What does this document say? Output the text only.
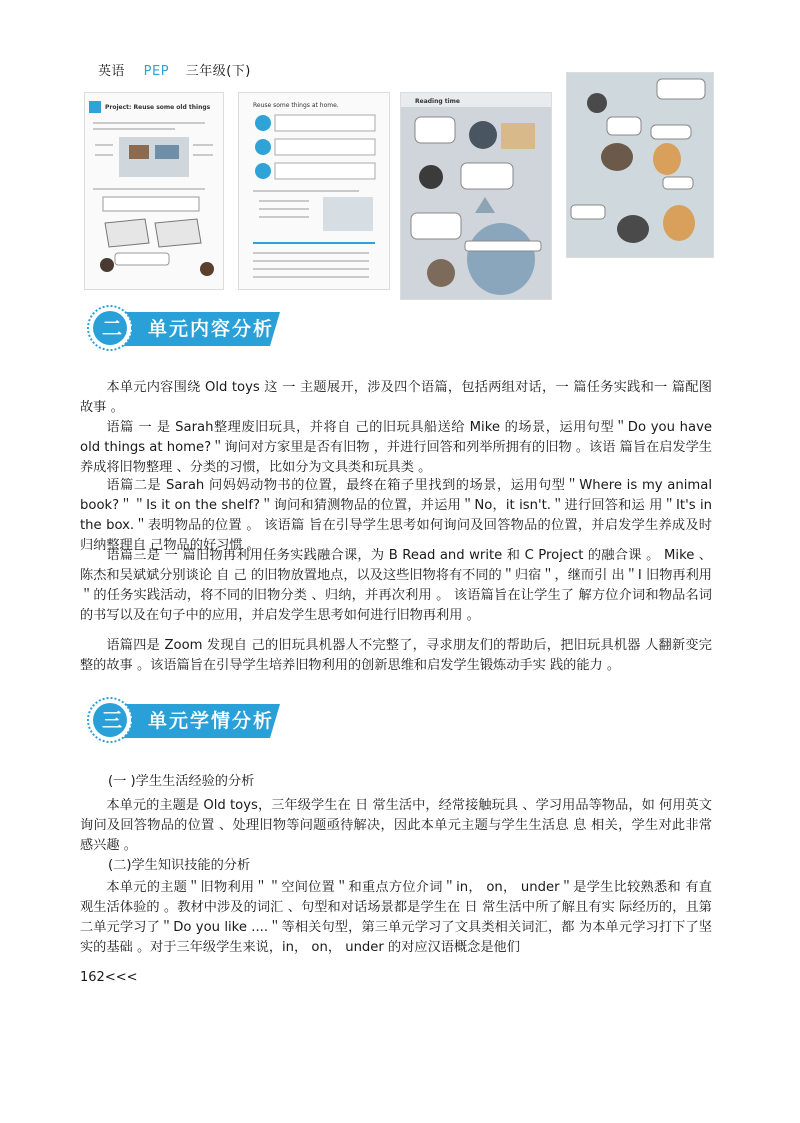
英语 PEP 三年级(下)
Project: Reuse some old things	Reuse some things at home.
Reading time
二	单元内容分析

本单元内容围绕 Old toys 这 一 主题展开，涉及四个语篇，包括两组对话，一 篇任务实践和一 篇配图故事 。

语篇 一 是 Sarah整理废旧玩具，并将自 己的旧玩具船送给 Mike 的场景，运用句型＂Do you have old things at home?＂询问对方家里是否有旧物 ，并进行回答和列举所拥有的旧物 。该语 篇旨在启发学生养成将旧物整理 、分类的习惯，比如分为文具类和玩具类 。

语篇二是 Sarah 问妈妈动物书的位置，最终在箱子里找到的场景，运用句型＂Where is my animal book?＂＂Is it on the shelf?＂询问和猜测物品的位置，并运用＂No，it isn't.＂进行回答和运 用＂It's in the box.＂表明物品的位置 。 该语篇 旨在引导学生思考如何询问及回答物品的位置，并启发学生养成及时归纳整理自 己物品的好习惯 。

语篇三是 一 篇旧物再利用任务实践融合课，为 B Read and write 和 C Project 的融合课 。 Mike 、陈杰和吴斌斌分别谈论 自 己 的旧物放置地点，以及这些旧物将有不同的＂归宿＂，继而引 出＂I 旧物再利用＂的任务实践活动，将不同的旧物分类 、归纳，并再次利用 。 该语篇旨在让学生了 解方位介词和物品名词的书写以及在句子中的应用，并启发学生思考如何进行旧物再利用 。

语篇四是 Zoom 发现自 己的旧玩具机器人不完整了，寻求朋友们的帮助后，把旧玩具机器 人翻新变完整的故事 。该语篇旨在引导学生培养旧物利用的创新思维和启发学生锻炼动手实 践的能力 。

三	单元学情分析
(一 )学生生活经验的分析

本单元的主题是 Old toys，三年级学生在 日 常生活中，经常接触玩具 、学习用品等物品，如 何用英文询问及回答物品的位置 、处理旧物等问题亟待解决，因此本单元主题与学生生活息 息 相关，学生对此非常感兴趣 。

(二)学生知识技能的分析

本单元的主题＂旧物利用＂＂空间位置＂和重点方位介词＂in， on， under＂是学生比较熟悉和 有直观生活体验的 。教材中涉及的词汇 、句型和对话场景都是学生在 日 常生活中所了解且有实 际经历的，且第二单元学习了＂Do you like ....＂等相关句型，第三单元学习了文具类相关词汇，都 为本单元学习打下了坚实的基础 。对于三年级学生来说，in， on， under 的对应汉语概念是他们

162<<<
